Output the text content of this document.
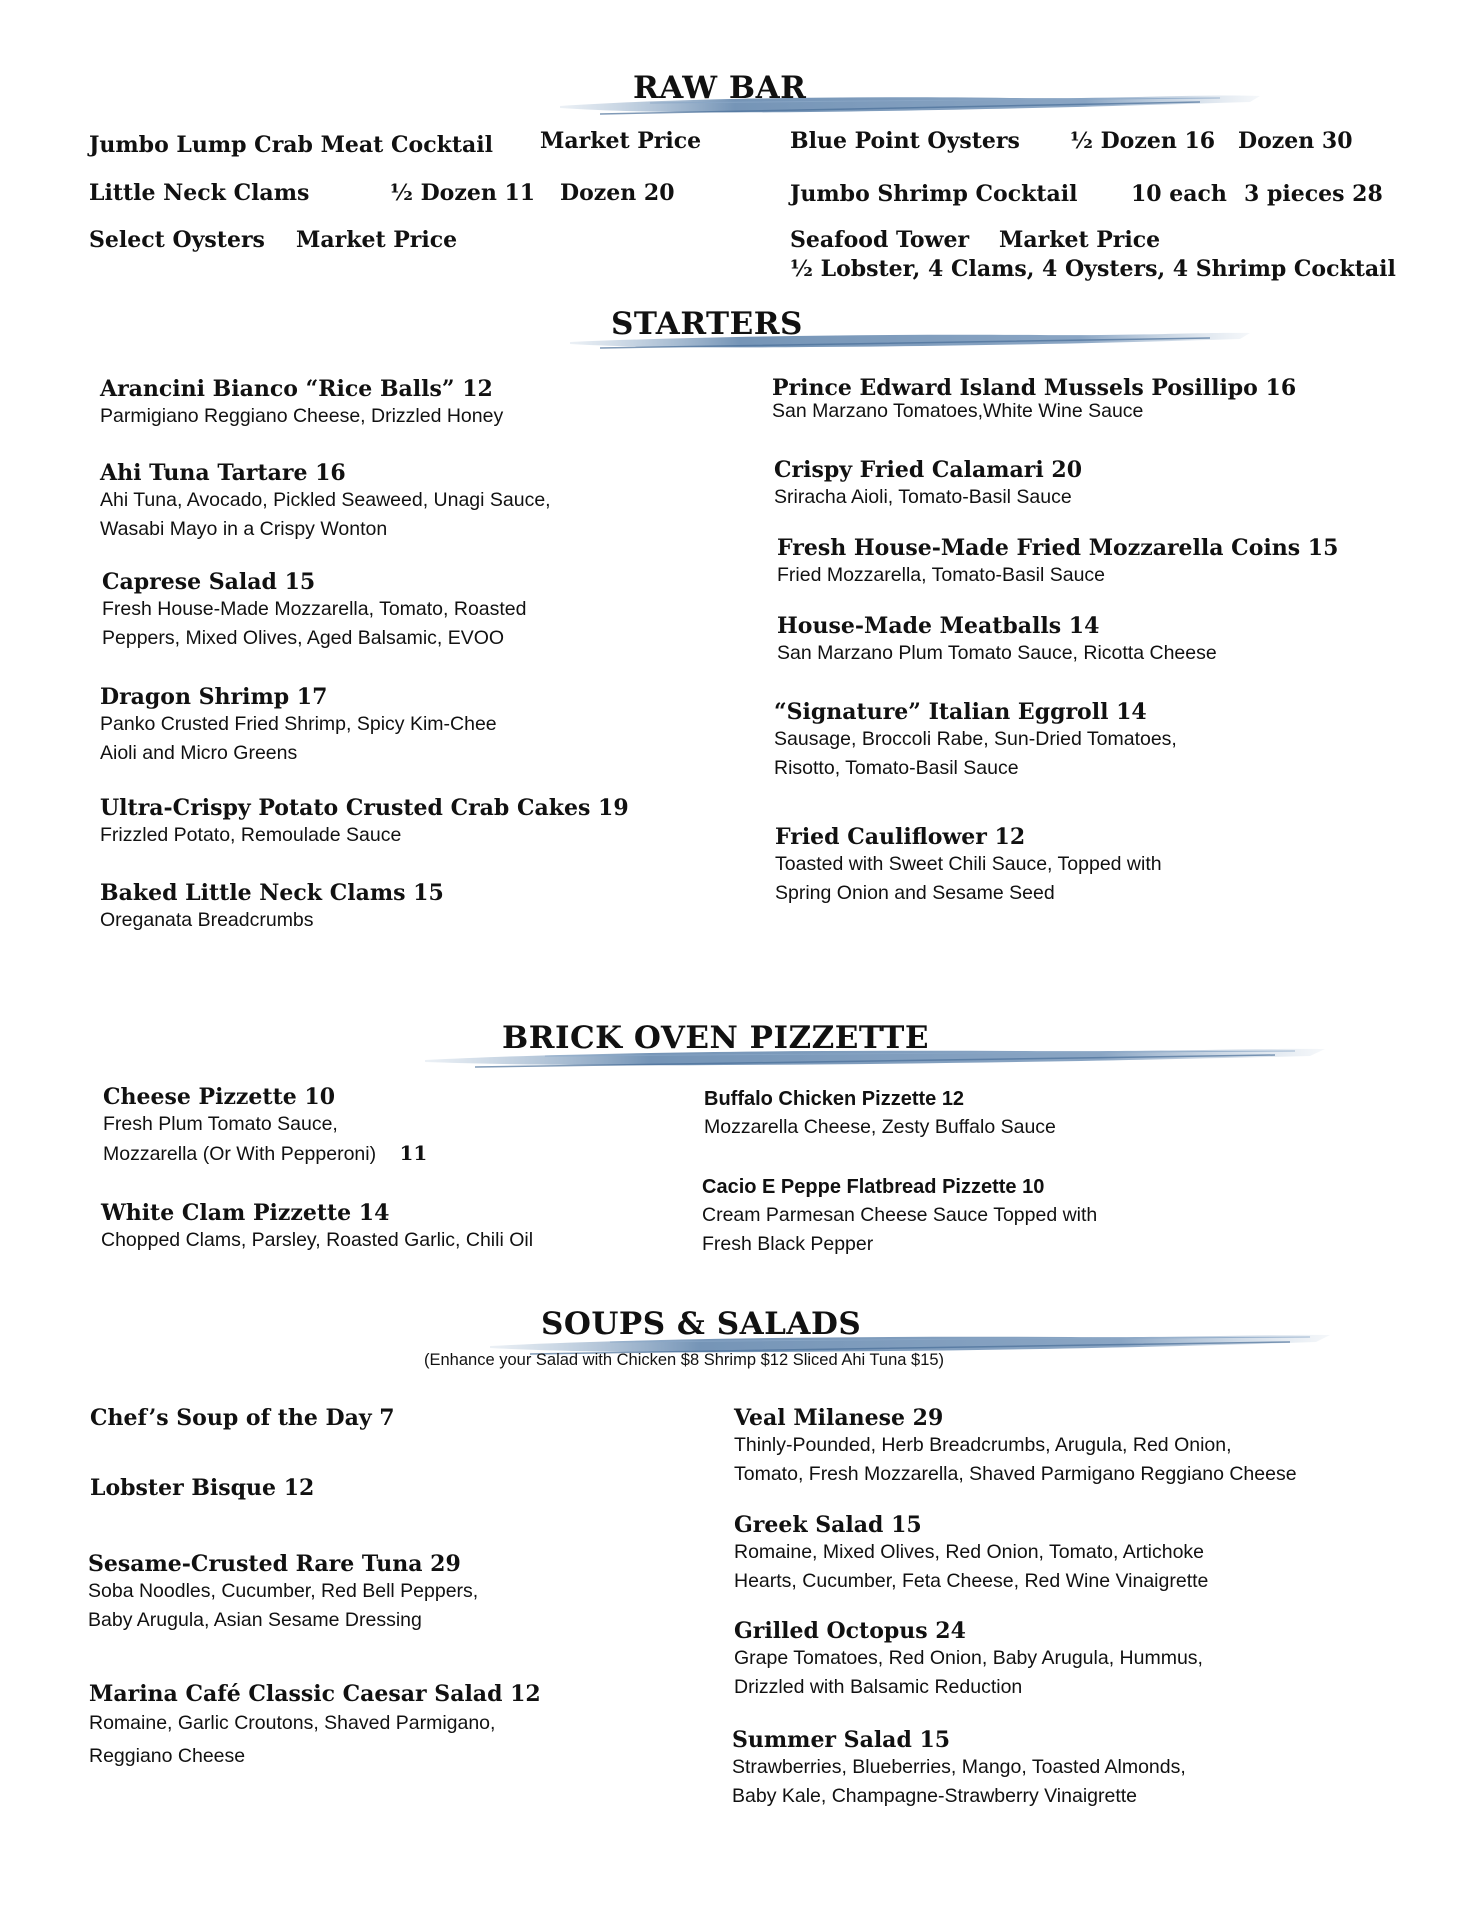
RAW BAR
Jumbo Lump Crab Meat Cocktail Market Price	Blue Point Oysters ½ Dozen 16 Dozen 30
Little Neck Clams	½ Dozen 11 Dozen 20	Jumbo Shrimp Cocktail 10 each 3 pieces 28
Select Oysters Market Price	Seafood Tower Market Price
½ Lobster, 4 Clams, 4 Oysters, 4 Shrimp Cocktail
STARTERS
Arancini Bianco “Rice Balls” 12
Parmigiano Reggiano Cheese, Drizzled Honey
Ahi Tuna Tartare 16
Ahi Tuna, Avocado, Pickled Seaweed, Unagi Sauce,
Wasabi Mayo in a Crispy Wonton
Caprese Salad 15
Fresh House-Made Mozzarella, Tomato, Roasted
Peppers, Mixed Olives, Aged Balsamic, EVOO
Dragon Shrimp 17
Panko Crusted Fried Shrimp, Spicy Kim-Chee
Aioli and Micro Greens
Ultra-Crispy Potato Crusted Crab Cakes 19
Frizzled Potato, Remoulade Sauce
Baked Little Neck Clams 15
Oreganata Breadcrumbs
Prince Edward Island Mussels Posillipo 16
San Marzano Tomatoes,White Wine Sauce
Crispy Fried Calamari 20
Sriracha Aioli, Tomato-Basil Sauce
Fresh House-Made Fried Mozzarella Coins 15
Fried Mozzarella, Tomato-Basil Sauce
House-Made Meatballs 14
San Marzano Plum Tomato Sauce, Ricotta Cheese
“Signature” Italian Eggroll 14
Sausage, Broccoli Rabe, Sun-Dried Tomatoes,
Risotto, Tomato-Basil Sauce
Fried Cauliflower 12
Toasted with Sweet Chili Sauce, Topped with
Spring Onion and Sesame Seed
BRICK OVEN PIZZETTE
Cheese Pizzette 10
Fresh Plum Tomato Sauce,
Mozzarella (Or With Pepperoni) 11
White Clam Pizzette 14
Chopped Clams, Parsley, Roasted Garlic, Chili Oil
Buffalo Chicken Pizzette 12
Mozzarella Cheese, Zesty Buffalo Sauce
Cacio E Peppe Flatbread Pizzette 10
Cream Parmesan Cheese Sauce Topped with
Fresh Black Pepper
SOUPS & SALADS
(Enhance your Salad with Chicken $8 Shrimp $12 Sliced Ahi Tuna $15)
Chef’s Soup of the Day 7
Lobster Bisque 12
Sesame-Crusted Rare Tuna 29
Soba Noodles, Cucumber, Red Bell Peppers,
Baby Arugula, Asian Sesame Dressing
Marina Café Classic Caesar Salad 12
Romaine, Garlic Croutons, Shaved Parmigano,
Reggiano Cheese
Veal Milanese 29
Thinly-Pounded, Herb Breadcrumbs, Arugula, Red Onion,
Tomato, Fresh Mozzarella, Shaved Parmigano Reggiano Cheese
Greek Salad 15
Romaine, Mixed Olives, Red Onion, Tomato, Artichoke
Hearts, Cucumber, Feta Cheese, Red Wine Vinaigrette
Grilled Octopus 24
Grape Tomatoes, Red Onion, Baby Arugula, Hummus,
Drizzled with Balsamic Reduction
Summer Salad 15
Strawberries, Blueberries, Mango, Toasted Almonds,
Baby Kale, Champagne-Strawberry Vinaigrette
